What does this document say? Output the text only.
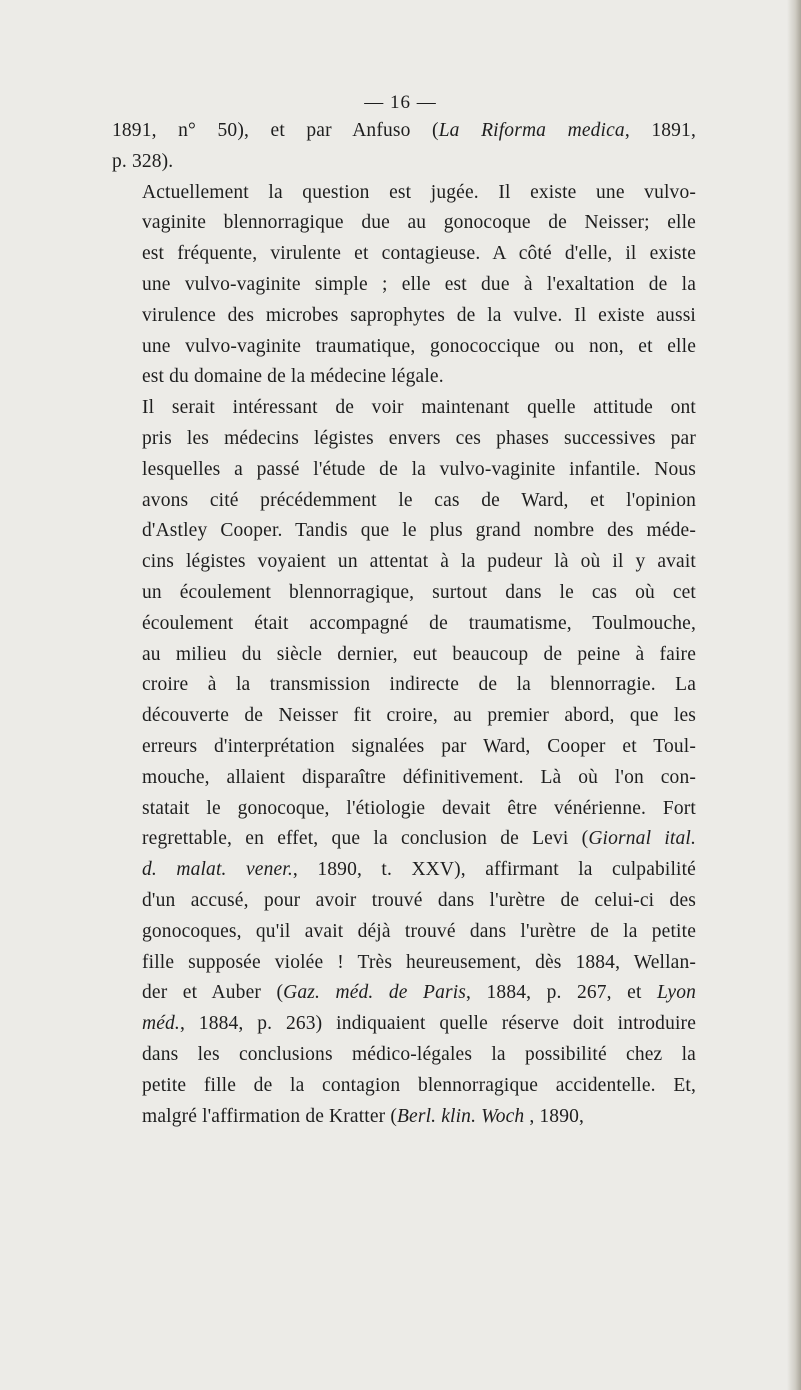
— 16 —

1891, n° 50), et par Anfuso (La Riforma medica, 1891,
p. 328).

Actuellement la question est jugée. Il existe une vulvo-
vaginite blennorragique due au gonocoque de Neisser; elle
est fréquente, virulente et contagieuse. A côté d'elle, il existe
une vulvo-vaginite simple ; elle est due à l'exaltation de la
virulence des microbes saprophytes de la vulve. Il existe aussi
une vulvo-vaginite traumatique, gonococcique ou non, et elle
est du domaine de la médecine légale.

Il serait intéressant de voir maintenant quelle attitude ont
pris les médecins légistes envers ces phases successives par
lesquelles a passé l'étude de la vulvo-vaginite infantile. Nous
avons cité précédemment le cas de Ward, et l'opinion
d'Astley Cooper. Tandis que le plus grand nombre des méde-
cins légistes voyaient un attentat à la pudeur là où il y avait
un écoulement blennorragique, surtout dans le cas où cet
écoulement était accompagné de traumatisme, Toulmouche,
au milieu du siècle dernier, eut beaucoup de peine à faire
croire à la transmission indirecte de la blennorragie. La
découverte de Neisser fit croire, au premier abord, que les
erreurs d'interprétation signalées par Ward, Cooper et Toul-
mouche, allaient disparaître définitivement. Là où l'on con-
statait le gonocoque, l'étiologie devait être vénérienne. Fort
regrettable, en effet, que la conclusion de Levi (Giornal ital.
d. malat. vener., 1890, t. XXV), affirmant la culpabilité
d'un accusé, pour avoir trouvé dans l'urètre de celui-ci des
gonocoques, qu'il avait déjà trouvé dans l'urètre de la petite
fille supposée violée ! Très heureusement, dès 1884, Wellan-
der et Auber (Gaz. méd. de Paris, 1884, p. 267, et Lyon
méd., 1884, p. 263) indiquaient quelle réserve doit introduire
dans les conclusions médico-légales la possibilité chez la
petite fille de la contagion blennorragique accidentelle. Et,
malgré l'affirmation de Kratter (Berl. klin. Woch , 1890,
